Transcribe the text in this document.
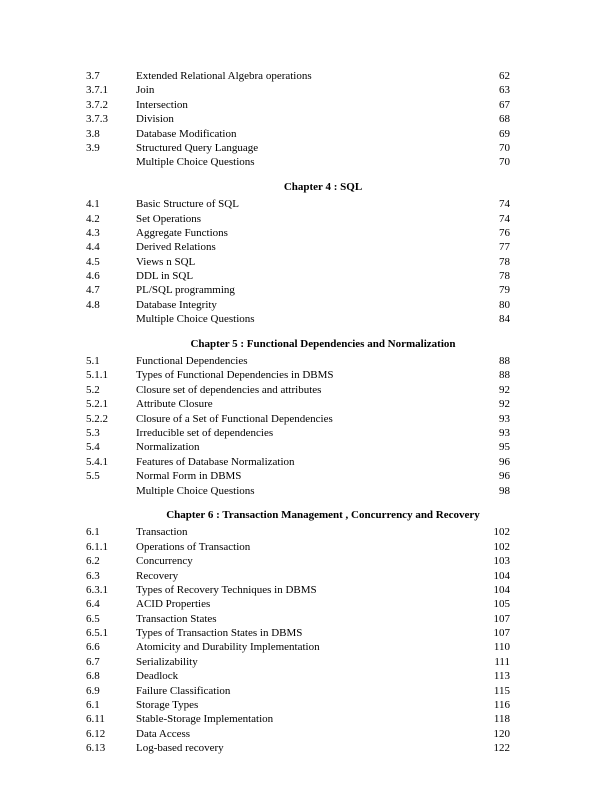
3.7	Extended Relational Algebra operations	62
3.7.1	Join	63
3.7.2	Intersection	67
3.7.3	Division	68
3.8	Database Modification	69
3.9	Structured Query Language	70
Multiple Choice Questions	70
Chapter 4 : SQL
4.1	Basic Structure of SQL	74
4.2	Set Operations	74
4.3	Aggregate Functions	76
4.4	Derived Relations	77
4.5	Views n SQL	78
4.6	DDL in SQL	78
4.7	PL/SQL programming	79
4.8	Database Integrity	80
Multiple Choice Questions	84
Chapter 5 : Functional Dependencies and Normalization
5.1	Functional Dependencies	88
5.1.1	Types of Functional Dependencies in DBMS	88
5.2	Closure set of dependencies and attributes	92
5.2.1	Attribute Closure	92
5.2.2	Closure of a Set of Functional Dependencies	93
5.3	Irreducible set of dependencies	93
5.4	Normalization	95
5.4.1	Features of Database Normalization	96
5.5	Normal Form in DBMS	96
Multiple Choice Questions	98
Chapter 6 : Transaction Management , Concurrency and Recovery
6.1	Transaction	102
6.1.1	Operations of Transaction	102
6.2	Concurrency	103
6.3	Recovery	104
6.3.1	Types of Recovery Techniques in DBMS	104
6.4	ACID Properties	105
6.5	Transaction States	107
6.5.1	Types of Transaction States in DBMS	107
6.6	Atomicity and Durability Implementation	110
6.7	Serializability	111
6.8	Deadlock	113
6.9	Failure Classification	115
6.1	Storage Types	116
6.11	Stable-Storage Implementation	118
6.12	Data Access	120
6.13	Log-based recovery	122
